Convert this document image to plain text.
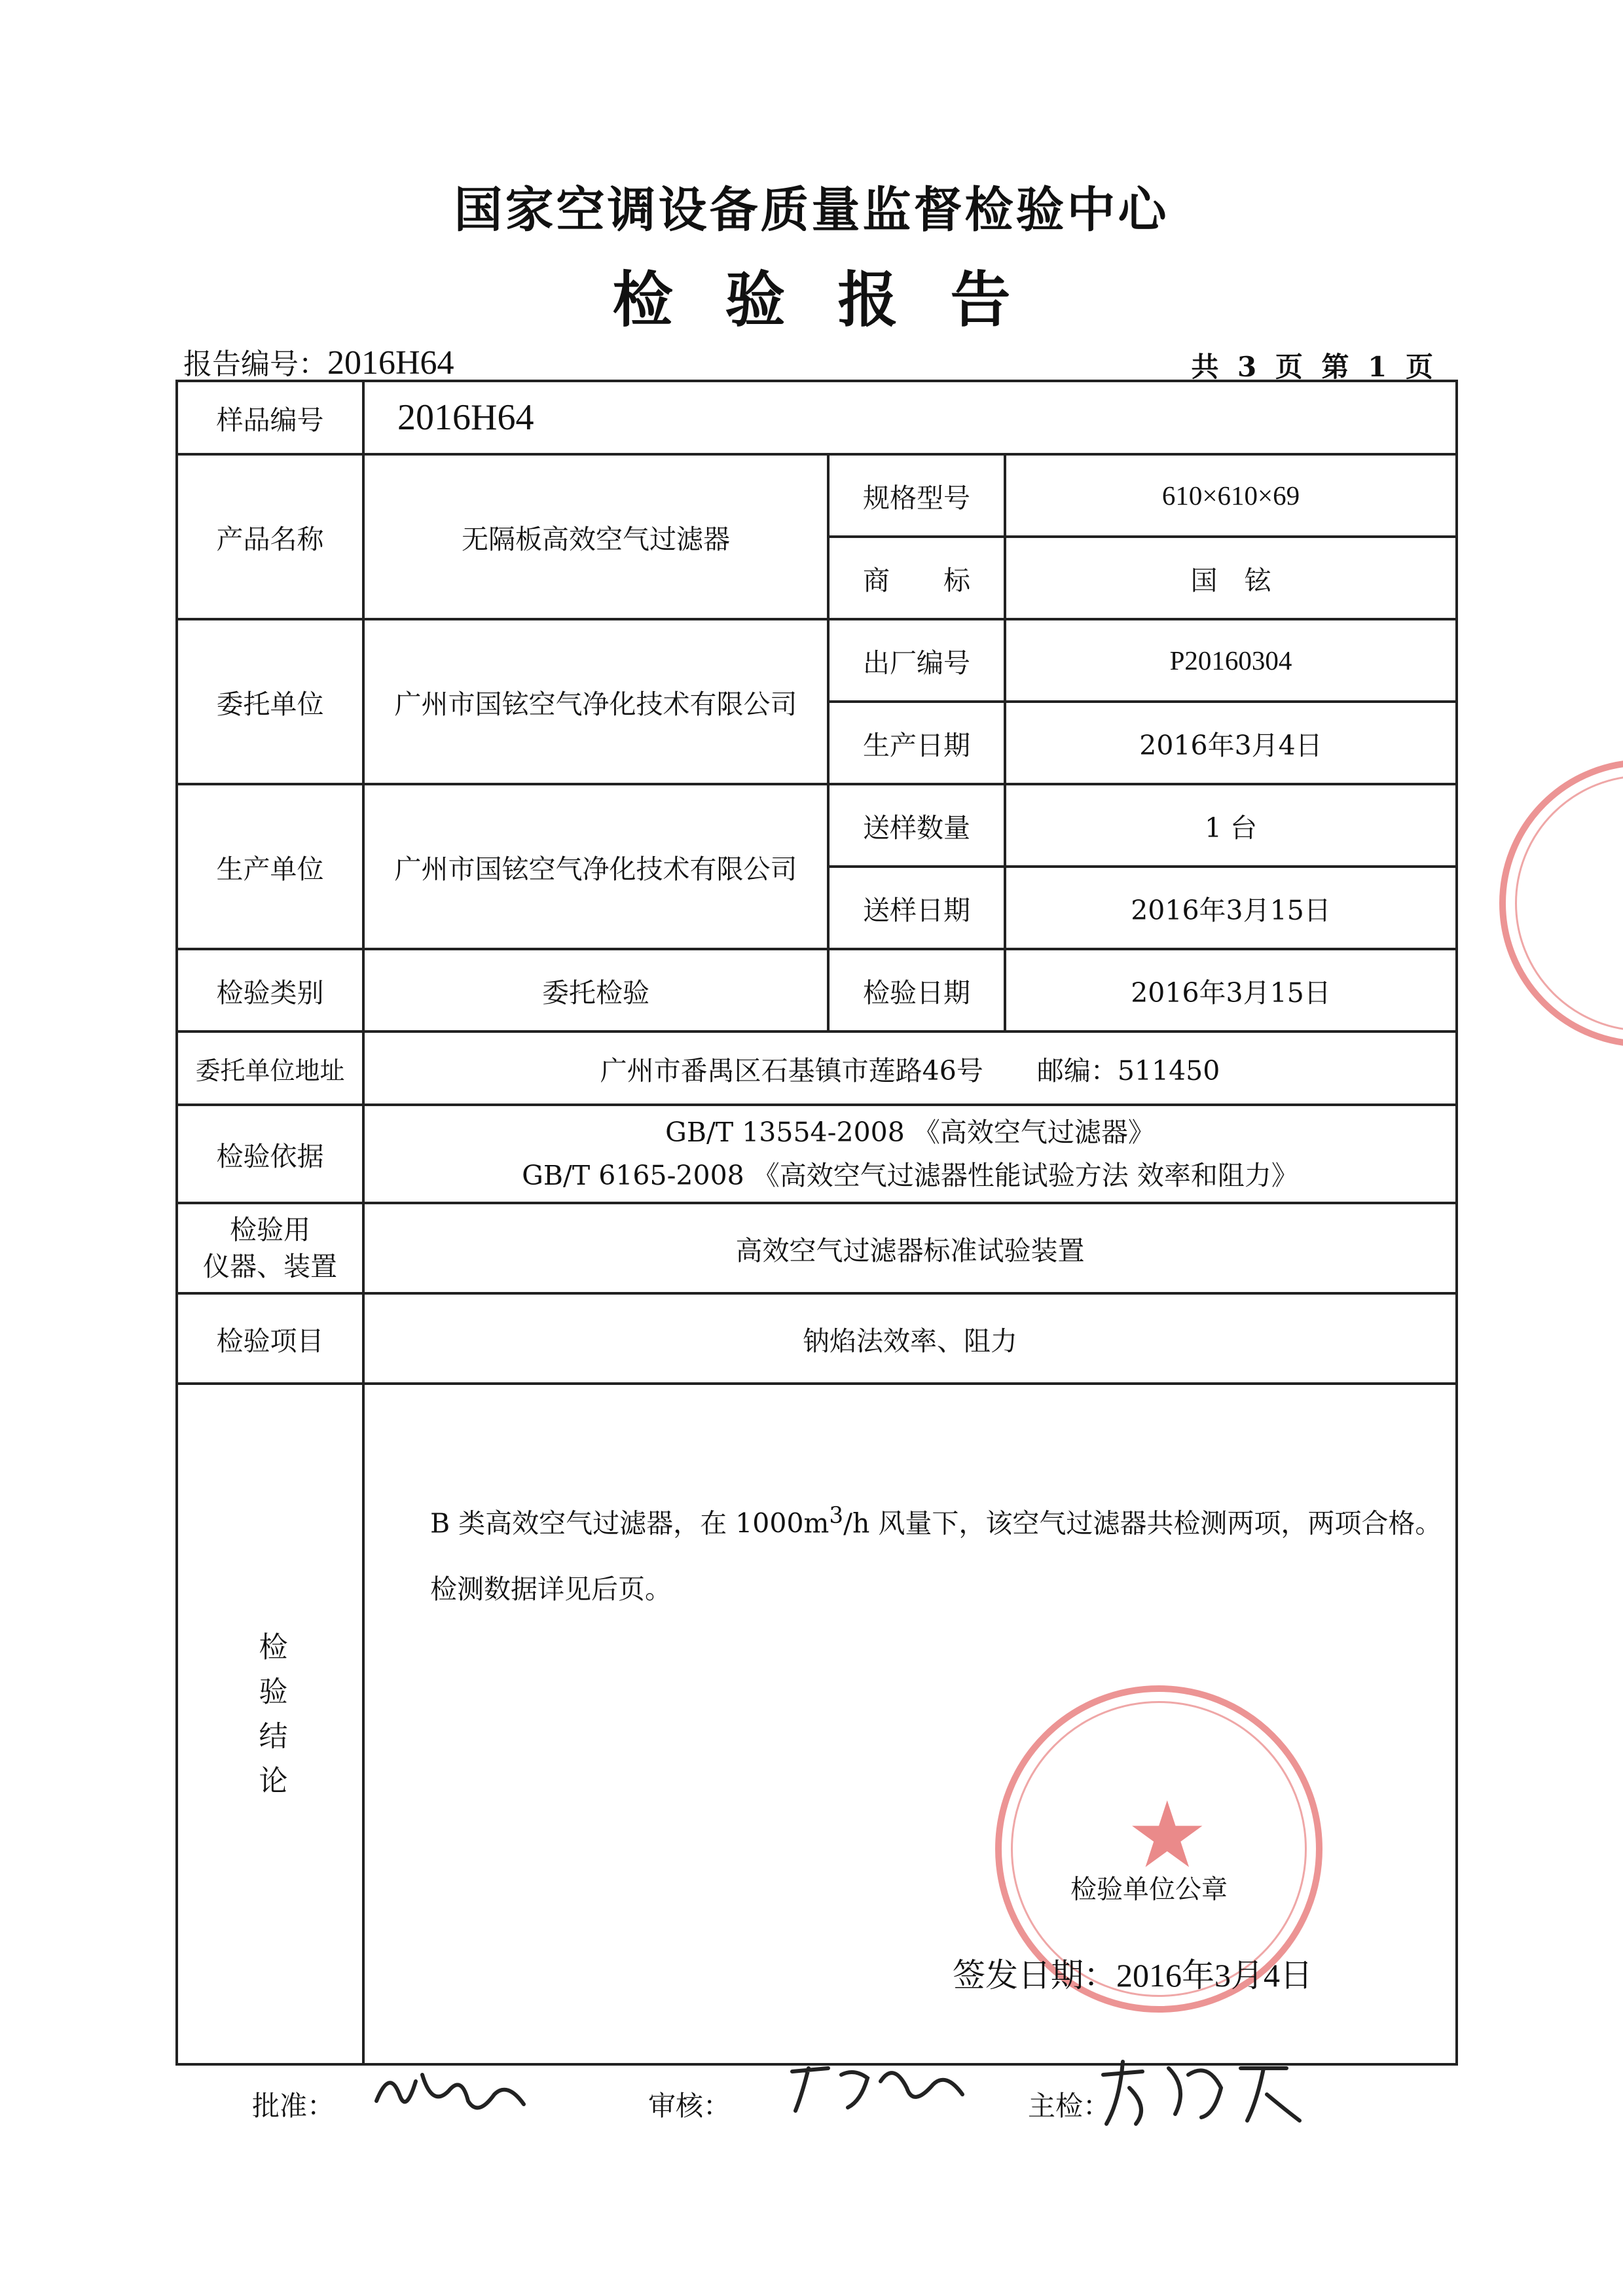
国家空调设备质量监督检验中心
检验报告
报告编号：2016H64	共 3 页 第 1 页
样品编号	2016H64		
产品名称	无隔板高效空气过滤器	规格型号	610×610×69
		商　　标	国　铉
委托单位	广州市国铉空气净化技术有限公司	出厂编号	P20160304
		生产日期	2016年3月4日
生产单位	广州市国铉空气净化技术有限公司	送样数量	1 台
		送样日期	2016年3月15日
检验类别	委托检验	检验日期	2016年3月15日
委托单位地址	广州市番禺区石基镇市莲路46号　　邮编：511450		
检验依据	GB/T 13554-2008 《高效空气过滤器》
GB/T 6165-2008 《高效空气过滤器性能试验方法 效率和阻力》		

检验用
仪器、装置	高效空气过滤器标准试验装置		
检验项目	钠焰法效率、阻力		
检验结论	B 类高效空气过滤器，在 $1000m^3/h$ 风量下，该空气过滤器共检测两项，两项合格。

检测数据详见后页。		

★
检验单位公章
签发日期：2016年3月4日
批准：	审核：	主检：
